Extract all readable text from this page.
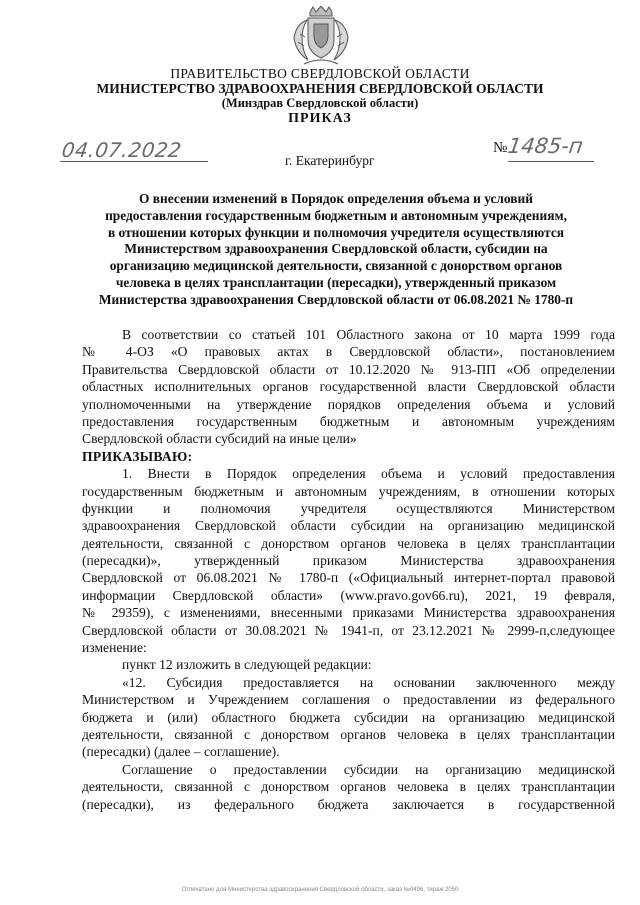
ПРАВИТЕЛЬСТВО СВЕРДЛОВСКОЙ ОБЛАСТИ
МИНИСТЕРСТВО ЗДРАВООХРАНЕНИЯ СВЕРДЛОВСКОЙ ОБЛАСТИ
(Минздрав Свердловской области)
ПРИКАЗ
04.07.2022	г. Екатеринбург
№ 1485-п
О внесении изменений в Порядок определения объема и условий
предоставления государственным бюджетным и автономным учреждениям,
в отношении которых функции и полномочия учредителя осуществляются
Министерством здравоохранения Свердловской области, субсидии на
организацию медицинской деятельности, связанной с донорством органов
человека в целях трансплантации (пересадки), утвержденный приказом
Министерства здравоохранения Свердловской области от 06.08.2021 № 1780-п
В соответствии со статьей 101 Областного закона от 10 марта 1999 года
№ 4-ОЗ «О правовых актах в Свердловской области», постановлением
Правительства Свердловской области от 10.12.2020 № 913-ПП «Об определении
областных исполнительных органов государственной власти Свердловской области
уполномоченными на утверждение порядков определения объема и условий
предоставления государственным бюджетным и автономным учреждениям
Свердловской области субсидий на иные цели»
ПРИКАЗЫВАЮ:
1. Внести в Порядок определения объема и условий предоставления
государственным бюджетным и автономным учреждениям, в отношении которых
функции и полномочия учредителя осуществляются Министерством
здравоохранения Свердловской области субсидии на организацию медицинской
деятельности, связанной с донорством органов человека в целях трансплантации
(пересадки)», утвержденный приказом Министерства здравоохранения
Свердловской от 06.08.2021 № 1780-п («Официальный интернет-портал правовой
информации Свердловской области» (www.pravo.gov66.ru), 2021, 19 февраля,
№ 29359), с изменениями, внесенными приказами Министерства здравоохранения
Свердловской области от 30.08.2021 № 1941-п, от 23.12.2021 № 2999-п,следующее
изменение:
пункт 12 изложить в следующей редакции:
«12. Субсидия предоставляется на основании заключенного между
Министерством и Учреждением соглашения о предоставлении из федерального
бюджета и (или) областного бюджета субсидии на организацию медицинской
деятельности, связанной с донорством органов человека в целях трансплантации
(пересадки) (далее – соглашение).
Соглашение о предоставлении субсидии на организацию медицинской
деятельности, связанной с донорством органов человека в целях трансплантации
(пересадки), из федерального бюджета заключается в государственной
Отпечатано для Министерства здравоохранения Свердловской области, заказ №0496, тираж 2050
